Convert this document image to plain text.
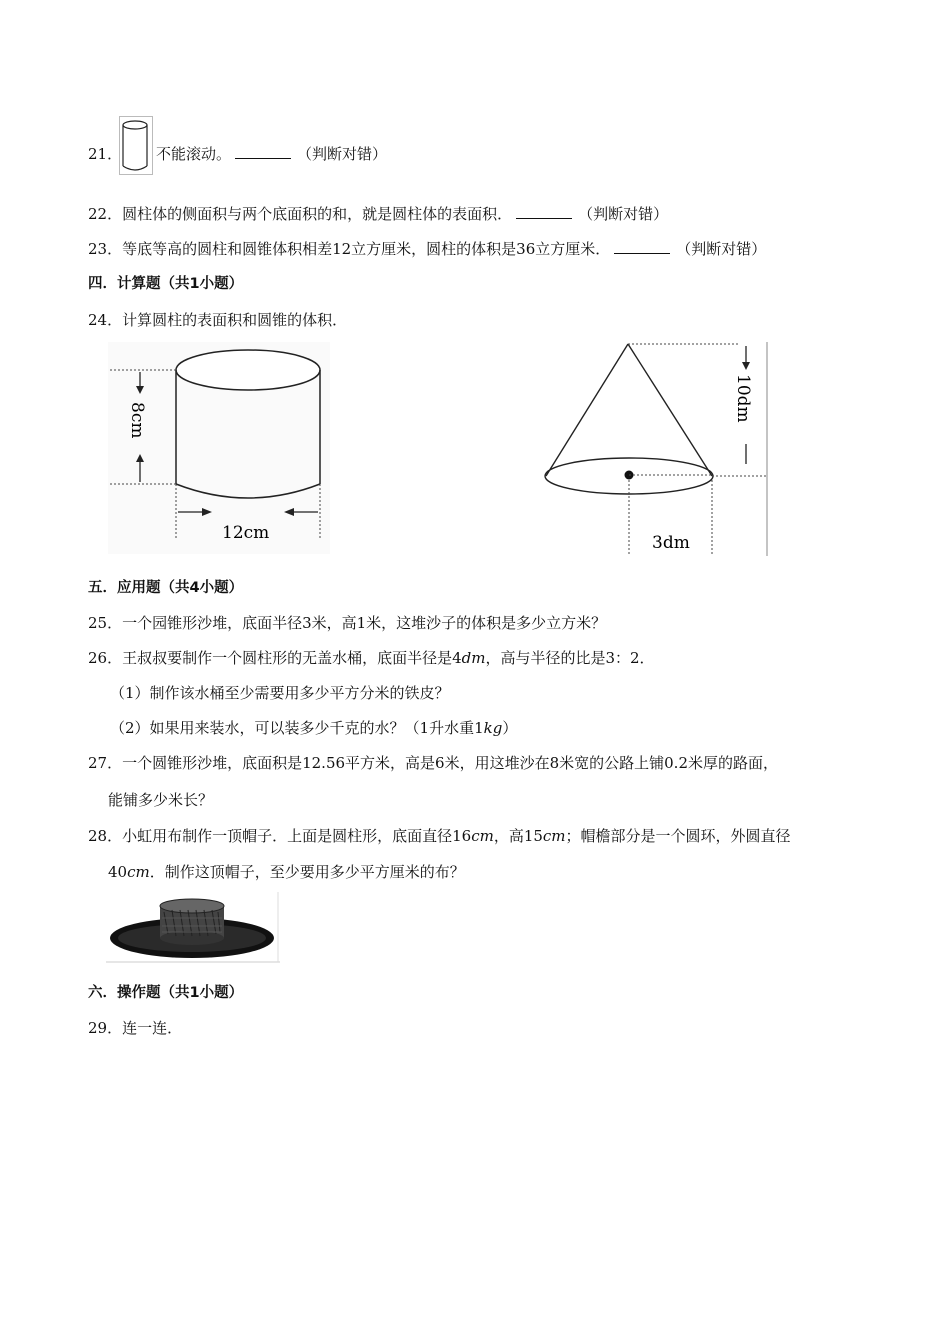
21． 不能滚动。	（判断对错）
22．圆柱体的侧面积与两个底面积的和，就是圆柱体的表面积．	（判断对错）
23．等底等高的圆柱和圆锥体积相差12立方厘米，圆柱的体积是36立方厘米．	（判断对错）
四．计算题（共1小题）
24．计算圆柱的表面积和圆锥的体积．
8cm
12cm
10dm
3dm
五．应用题（共4小题）
25．一个园锥形沙堆，底面半径3米，高1米，这堆沙子的体积是多少立方米？
26．王叔叔要制作一个圆柱形的无盖水桶，底面半径是4dm，高与半径的比是3：2．
（1）制作该水桶至少需要用多少平方分米的铁皮？
（2）如果用来装水，可以装多少千克的水？（1升水重1kg）
27．一个圆锥形沙堆，底面积是12.56平方米，高是6米，用这堆沙在8米宽的公路上铺0.2米厚的路面，
能铺多少米长？
28．小虹用布制作一顶帽子．上面是圆柱形，底面直径16cm，高15cm；帽檐部分是一个圆环，外圆直径
40cm．制作这顶帽子，至少要用多少平方厘米的布？
六．操作题（共1小题）
29．连一连．
